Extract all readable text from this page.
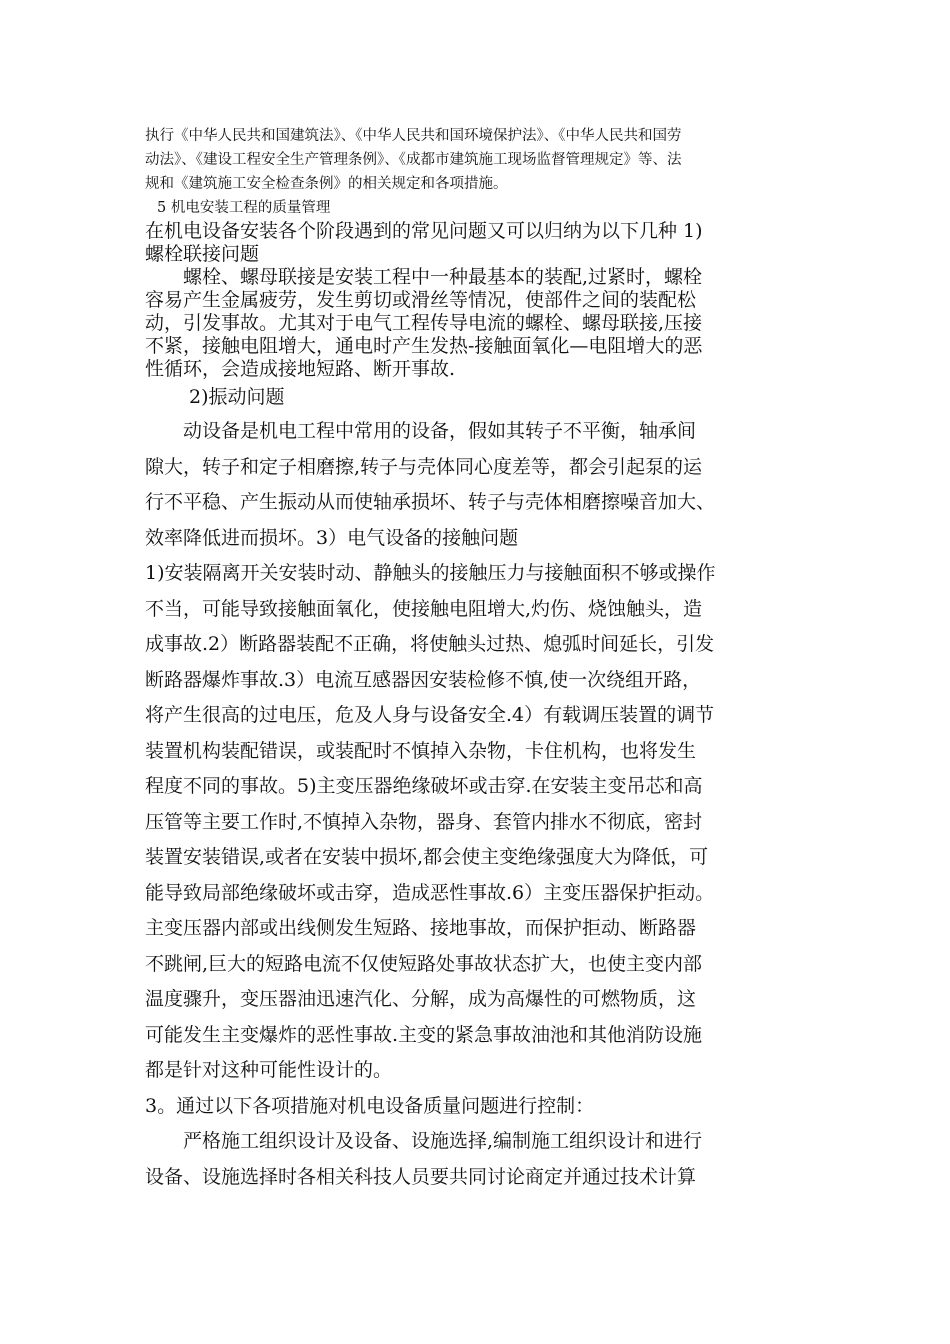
执行《中华人民共和国建筑法》、《中华人民共和国环境保护法》、《中华人民共和国劳
动法》、《建设工程安全生产管理条例》、《成都市建筑施工现场监督管理规定》等、法
规和《建筑施工安全检查条例》的相关规定和各项措施。

5 机电安装工程的质量管理

在机电设备安装各个阶段遇到的常见问题又可以归纳为以下几种 1)
螺栓联接问题

　　螺栓、螺母联接是安装工程中一种最基本的装配,过紧时，螺栓
容易产生金属疲劳，发生剪切或滑丝等情况，使部件之间的装配松
动，引发事故。尤其对于电气工程传导电流的螺栓、螺母联接,压接
不紧，接触电阻增大，通电时产生发热-接触面氧化—电阻增大的恶
性循环，会造成接地短路、断开事故.

2)振动问题

　　动设备是机电工程中常用的设备，假如其转子不平衡，轴承间
隙大，转子和定子相磨擦,转子与壳体同心度差等，都会引起泵的运
行不平稳、产生振动从而使轴承损坏、转子与壳体相磨擦噪音加大、
效率降低进而损坏。3）电气设备的接触问题

1)安装隔离开关安装时动、静触头的接触压力与接触面积不够或操作
不当，可能导致接触面氧化，使接触电阻增大,灼伤、烧蚀触头，造
成事故.2）断路器装配不正确，将使触头过热、熄弧时间延长，引发
断路器爆炸事故.3）电流互感器因安装检修不慎,使一次绕组开路，
将产生很高的过电压，危及人身与设备安全.4）有载调压装置的调节
装置机构装配错误，或装配时不慎掉入杂物，卡住机构，也将发生
程度不同的事故。5)主变压器绝缘破坏或击穿.在安装主变吊芯和高
压管等主要工作时,不慎掉入杂物，器身、套管内排水不彻底，密封
装置安装错误,或者在安装中损坏,都会使主变绝缘强度大为降低，可
能导致局部绝缘破坏或击穿，造成恶性事故.6）主变压器保护拒动。
主变压器内部或出线侧发生短路、接地事故，而保护拒动、断路器
不跳闸,巨大的短路电流不仅使短路处事故状态扩大，也使主变内部
温度骤升，变压器油迅速汽化、分解，成为高爆性的可燃物质，这
可能发生主变爆炸的恶性事故.主变的紧急事故油池和其他消防设施
都是针对这种可能性设计的。

3。通过以下各项措施对机电设备质量问题进行控制：

　　严格施工组织设计及设备、设施选择,编制施工组织设计和进行
设备、设施选择时各相关科技人员要共同讨论商定并通过技术计算
